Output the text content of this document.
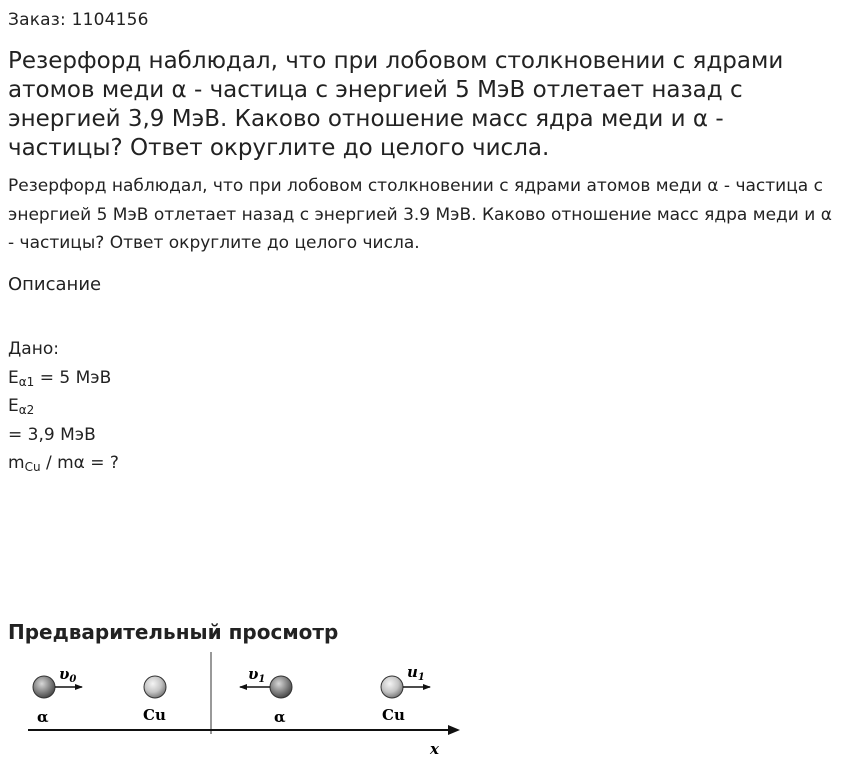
Заказ: 1104156
Резерфорд наблюдал, что при лобовом столкновении с ядрами атомов меди α - частица с энергией 5 МэВ отлетает назад с энергией 3,9 МэВ. Каково отношение масс ядра меди и α - частицы? Ответ округлите до целого числа.

Резерфорд наблюдал, что при лобовом столкновении с ядрами атомов меди α - частица с энергией 5 МэВ отлетает назад с энергией 3.9 МэВ. Каково отношение масс ядра меди и α - частицы? Ответ округлите до целого числа.

Описание
Дано:
$E_{\alpha 1} = 5$ МэВ
$E_{\alpha 2}$
= 3,9 МэВ
$m_{Cu}$ / mα = ?
Предварительный просмотр
x
$\upsilon_0$
α	Cu
$\upsilon_1$
α
$u_1$
Cu
